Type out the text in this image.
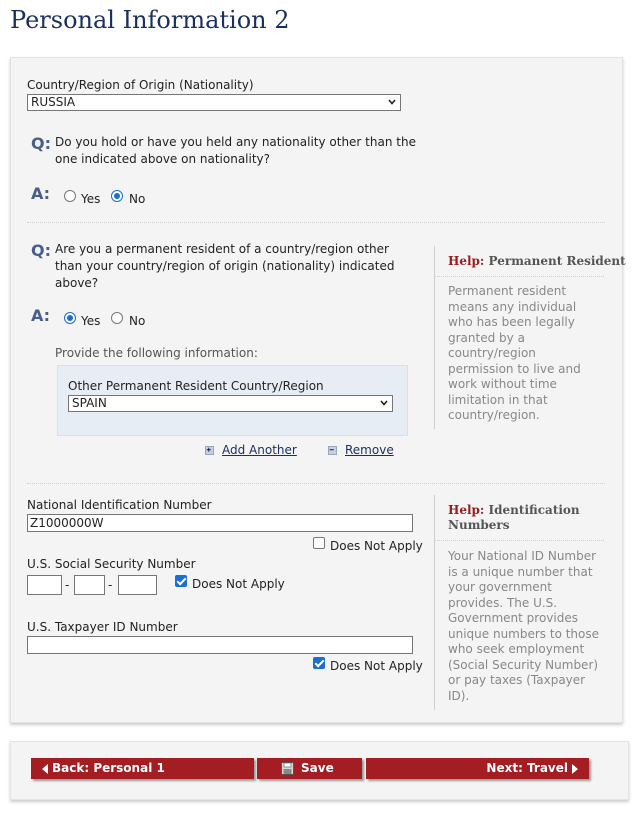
Personal Information 2
Country/Region of Origin (Nationality)
RUSSIA
Q: Do you hold or have you held any nationality other than the
one indicated above on nationality?
A:	Yes No
Q: Are you a permanent resident of a country/region other
than your country/region of origin (nationality) indicated
above?
A:	Yes No
Provide the following information:
Other Permanent Resident Country/Region
SPAIN
Add Another	Remove
Help: Permanent Resident
Permanent resident
means any individual
who has been legally
granted by a
country/region
permission to live and
work without time
limitation in that
country/region.
National Identification Number
Z1000000W
Does Not Apply
U.S. Social Security Number
-	-	Does Not Apply
U.S. Taxpayer ID Number
Does Not Apply
Help: Identification
Numbers
Your National ID Number
is a unique number that
your government
provides. The U.S.
Government provides
unique numbers to those
who seek employment
(Social Security Number)
or pay taxes (Taxpayer
ID).
Back: Personal 1	Save	Next: Travel
